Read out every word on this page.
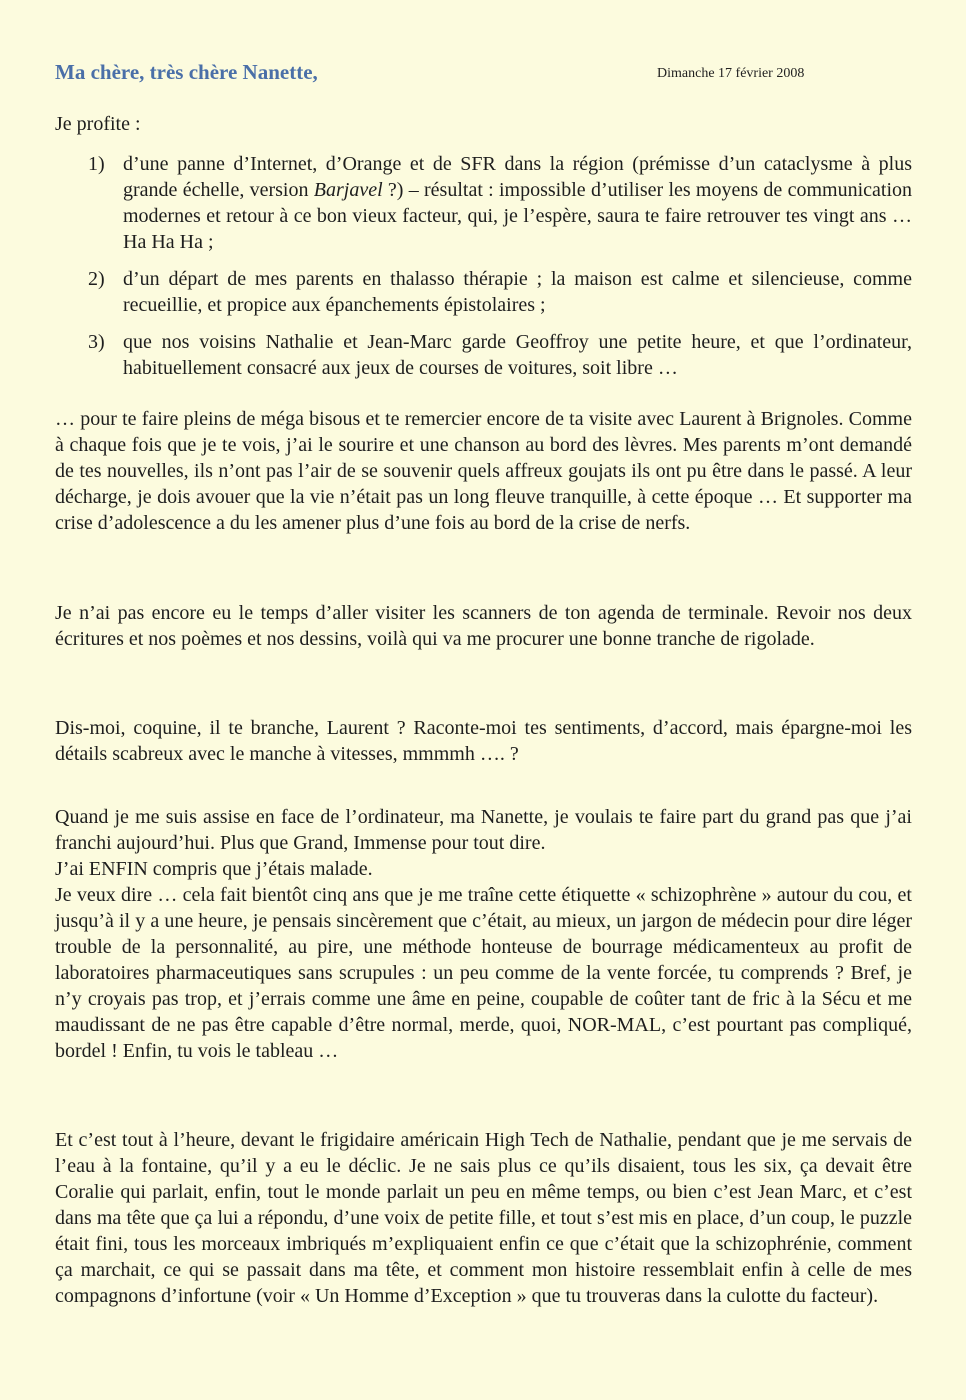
Ma chère, très chère Nanette,	Dimanche 17 février 2008
Je profite :
1) d’une panne d’Internet, d’Orange et de SFR dans la région (prémisse d’un cataclysme à plus grande échelle, version Barjavel ?) – résultat : impossible d’utiliser les moyens de communication modernes et retour à ce bon vieux facteur, qui, je l’espère, saura te faire retrouver tes vingt ans … Ha Ha Ha ;

2) d’un départ de mes parents en thalasso thérapie ; la maison est calme et silencieuse, comme recueillie, et propice aux épanchements épistolaires ;

3) que nos voisins Nathalie et Jean-Marc garde Geoffroy une petite heure, et que l’ordinateur, habituellement consacré aux jeux de courses de voitures, soit libre …

… pour te faire pleins de méga bisous et te remercier encore de ta visite avec Laurent à Brignoles. Comme à chaque fois que je te vois, j’ai le sourire et une chanson au bord des lèvres. Mes parents m’ont demandé de tes nouvelles, ils n’ont pas l’air de se souvenir quels affreux goujats ils ont pu être dans le passé. A leur décharge, je dois avouer que la vie n’était pas un long fleuve tranquille, à cette époque … Et supporter ma crise d’adolescence a du les amener plus d’une fois au bord de la crise de nerfs.

Je n’ai pas encore eu le temps d’aller visiter les scanners de ton agenda de terminale. Revoir nos deux écritures et nos poèmes et nos dessins, voilà qui va me procurer une bonne tranche de rigolade.

Dis-moi, coquine, il te branche, Laurent ? Raconte-moi tes sentiments, d’accord, mais épargne-moi les détails scabreux avec le manche à vitesses, mmmmh …. ?

Quand je me suis assise en face de l’ordinateur, ma Nanette, je voulais te faire part du grand pas que j’ai franchi aujourd’hui. Plus que Grand, Immense pour tout dire.

J’ai ENFIN compris que j’étais malade.

Je veux dire … cela fait bientôt cinq ans que je me traîne cette étiquette « schizophrène » autour du cou, et jusqu’à il y a une heure, je pensais sincèrement que c’était, au mieux, un jargon de médecin pour dire léger trouble de la personnalité, au pire, une méthode honteuse de bourrage médicamenteux au profit de laboratoires pharmaceutiques sans scrupules : un peu comme de la vente forcée, tu comprends ? Bref, je n’y croyais pas trop, et j’errais comme une âme en peine, coupable de coûter tant de fric à la Sécu et me maudissant de ne pas être capable d’être normal, merde, quoi, NOR-MAL, c’est pourtant pas compliqué, bordel ! Enfin, tu vois le tableau …

Et c’est tout à l’heure, devant le frigidaire américain High Tech de Nathalie, pendant que je me servais de l’eau à la fontaine, qu’il y a eu le déclic. Je ne sais plus ce qu’ils disaient, tous les six, ça devait être Coralie qui parlait, enfin, tout le monde parlait un peu en même temps, ou bien c’est Jean Marc, et c’est dans ma tête que ça lui a répondu, d’une voix de petite fille, et tout s’est mis en place, d’un coup, le puzzle était fini, tous les morceaux imbriqués m’expliquaient enfin ce que c’était que la schizophrénie, comment ça marchait, ce qui se passait dans ma tête, et comment mon histoire ressemblait enfin à celle de mes compagnons d’infortune (voir « Un Homme d’Exception » que tu trouveras dans la culotte du facteur).
